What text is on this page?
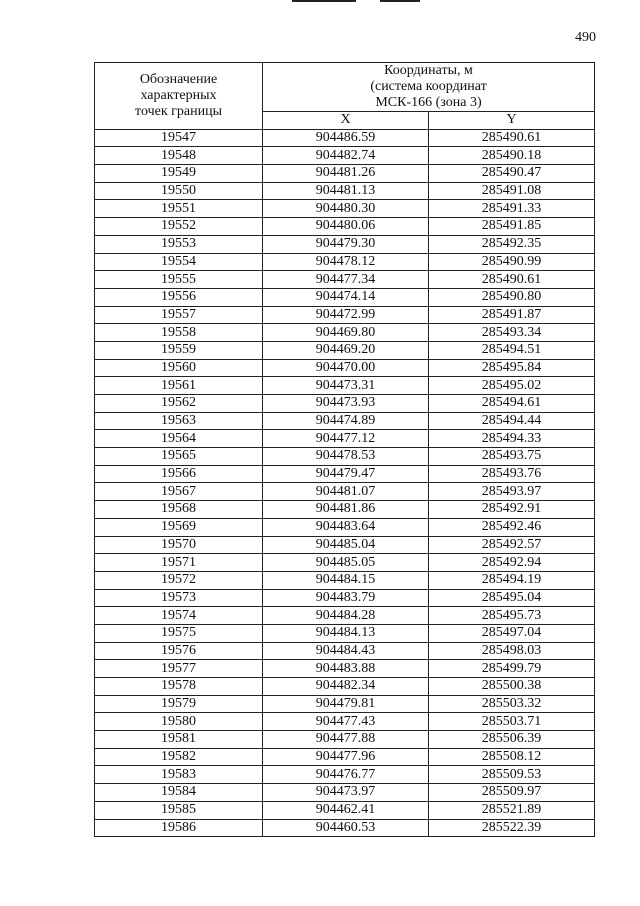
490
Обозначение
характерных
точек границы	Координаты, м
(система координат
МСК-166 (зона 3)	
	X	Y
19547	904486.59	285490.61
19548	904482.74	285490.18
19549	904481.26	285490.47
19550	904481.13	285491.08
19551	904480.30	285491.33
19552	904480.06	285491.85
19553	904479.30	285492.35
19554	904478.12	285490.99
19555	904477.34	285490.61
19556	904474.14	285490.80
19557	904472.99	285491.87
19558	904469.80	285493.34
19559	904469.20	285494.51
19560	904470.00	285495.84
19561	904473.31	285495.02
19562	904473.93	285494.61
19563	904474.89	285494.44
19564	904477.12	285494.33
19565	904478.53	285493.75
19566	904479.47	285493.76
19567	904481.07	285493.97
19568	904481.86	285492.91
19569	904483.64	285492.46
19570	904485.04	285492.57
19571	904485.05	285492.94
19572	904484.15	285494.19
19573	904483.79	285495.04
19574	904484.28	285495.73
19575	904484.13	285497.04
19576	904484.43	285498.03
19577	904483.88	285499.79
19578	904482.34	285500.38
19579	904479.81	285503.32
19580	904477.43	285503.71
19581	904477.88	285506.39
19582	904477.96	285508.12
19583	904476.77	285509.53
19584	904473.97	285509.97
19585	904462.41	285521.89
19586	904460.53	285522.39
